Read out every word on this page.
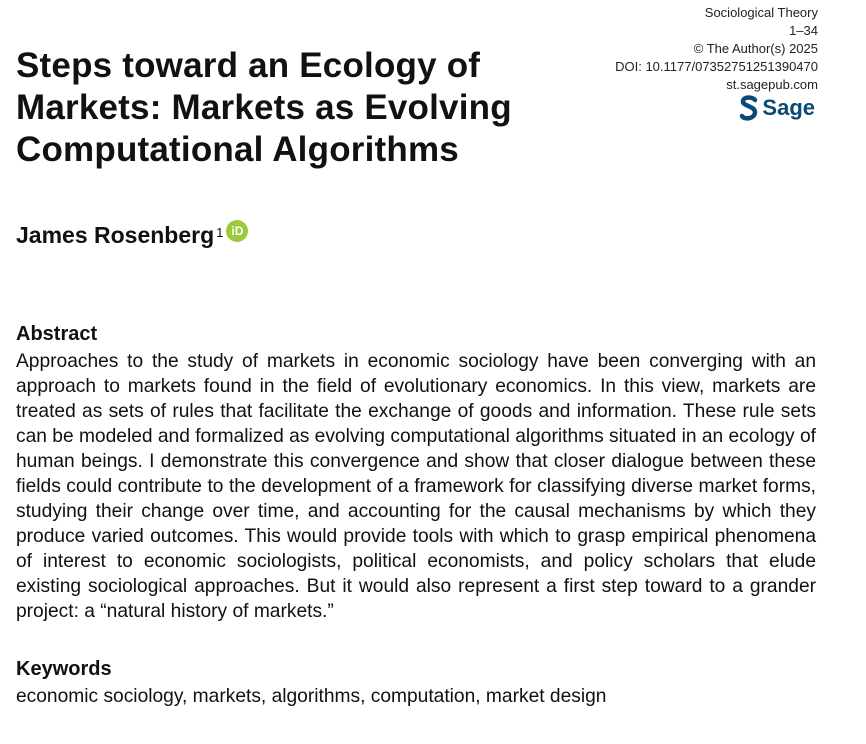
Steps toward an Ecology of Markets: Markets as Evolving Computational Algorithms
Sociological Theory
1–34
© The Author(s) 2025
DOI: 10.1177/07352751251390470
st.sagepub.com
Sage
James Rosenberg 1 iD
Abstract
Approaches to the study of markets in economic sociology have been converging with an approach to markets found in the field of evolutionary economics. In this view, markets are treated as sets of rules that facilitate the exchange of goods and information. These rule sets can be modeled and formalized as evolving computational algorithms situated in an ecology of human beings. I demonstrate this convergence and show that closer dialogue between these fields could contribute to the development of a framework for classifying diverse market forms, studying their change over time, and accounting for the causal mechanisms by which they produce varied outcomes. This would provide tools with which to grasp empirical phenomena of interest to economic sociologists, political economists, and policy scholars that elude existing sociological approaches. But it would also represent a first step toward to a grander project: a “natural history of markets.”
Keywords
economic sociology, markets, algorithms, computation, market design
